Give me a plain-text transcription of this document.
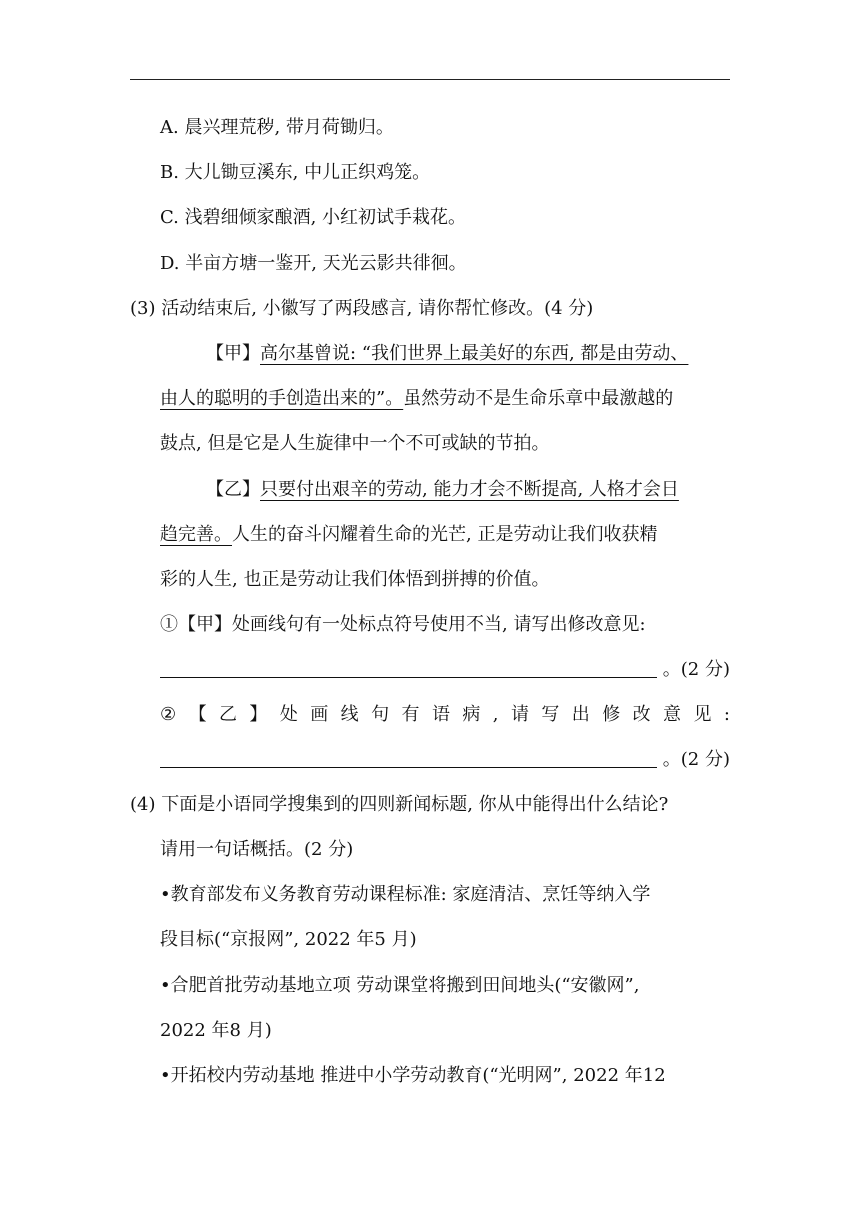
A. 晨兴理荒秽, 带月荷锄归。
B. 大儿锄豆溪东, 中儿正织鸡笼。
C. 浅碧细倾家酿酒, 小红初试手栽花。
D. 半亩方塘一鉴开, 天光云影共徘徊。
(3) 活动结束后, 小徽写了两段感言, 请你帮忙修改。(4 分)
【甲】高尔基曾说: “我们世界上最美好的东西, 都是由劳动、
由人的聪明的手创造出来的”。虽然劳动不是生命乐章中最激越的
鼓点, 但是它是人生旋律中一个不可或缺的节拍。
【乙】只要付出艰辛的劳动, 能力才会不断提高, 人格才会日
趋完善。人生的奋斗闪耀着生命的光芒, 正是劳动让我们收获精
彩的人生, 也正是劳动让我们体悟到拼搏的价值。
①【甲】处画线句有一处标点符号使用不当, 请写出修改意见:
。(2 分)
② 【 乙 】 处 画 线 句 有 语 病 , 请 写 出 修 改 意 见 :
。(2 分)
(4) 下面是小语同学搜集到的四则新闻标题, 你从中能得出什么结论?
请用一句话概括。(2 分)
•教育部发布义务教育劳动课程标准: 家庭清洁、烹饪等纳入学
段目标(“京报网”, 2022 年5 月)
•合肥首批劳动基地立项 劳动课堂将搬到田间地头(“安徽网”,
2022 年8 月)
•开拓校内劳动基地 推进中小学劳动教育(“光明网”, 2022 年12
